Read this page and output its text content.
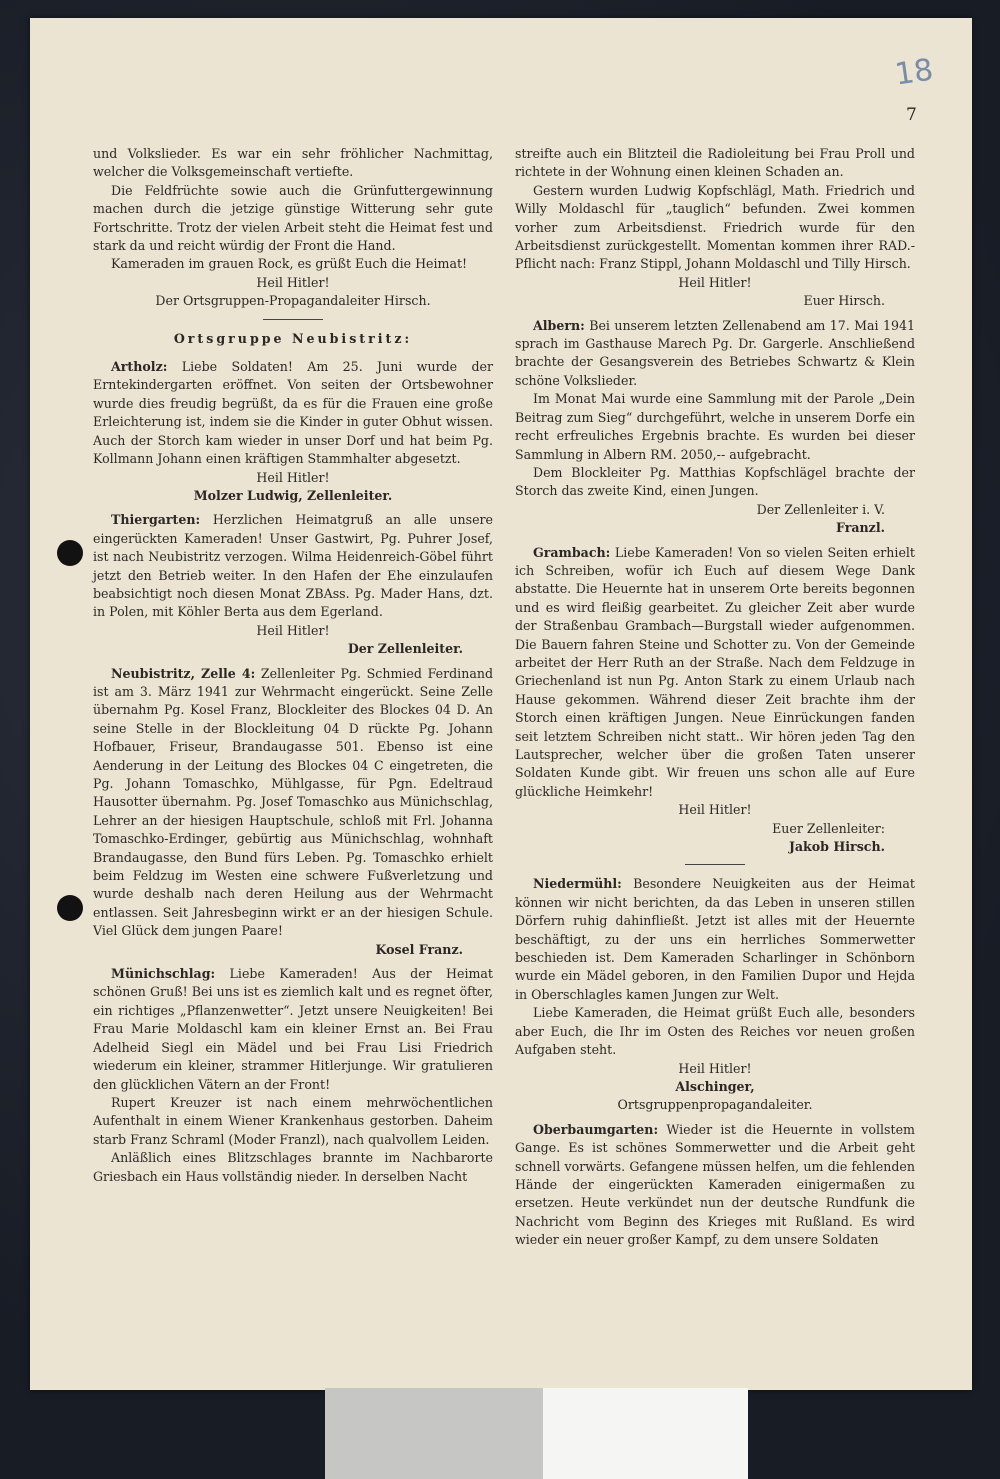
18
7

und Volkslieder. Es war ein sehr fröhlicher Nachmittag, welcher die Volksgemeinschaft vertiefte.

Die Feldfrüchte sowie auch die Grünfuttergewinnung machen durch die jetzige günstige Witterung sehr gute Fortschritte. Trotz der vielen Arbeit steht die Heimat fest und stark da und reicht würdig der Front die Hand.

Kameraden im grauen Rock, es grüßt Euch die Heimat!

Heil Hitler!

Der Ortsgruppen-Propagandaleiter Hirsch.

Ortsgruppe Neubistritz:

Artholz: Liebe Soldaten! Am 25. Juni wurde der Erntekindergarten eröffnet. Von seiten der Ortsbewohner wurde dies freudig begrüßt, da es für die Frauen eine große Erleichterung ist, indem sie die Kinder in guter Obhut wissen. Auch der Storch kam wieder in unser Dorf und hat beim Pg. Kollmann Johann einen kräftigen Stammhalter abgesetzt.

Heil Hitler!

Molzer Ludwig, Zellenleiter.

Thiergarten: Herzlichen Heimatgruß an alle unsere eingerückten Kameraden! Unser Gastwirt, Pg. Puhrer Josef, ist nach Neubistritz verzogen. Wilma Heidenreich-Göbel führt jetzt den Betrieb weiter. In den Hafen der Ehe einzulaufen beabsichtigt noch diesen Monat ZBAss. Pg. Mader Hans, dzt. in Polen, mit Köhler Berta aus dem Egerland.

Heil Hitler!

Der Zellenleiter.

Neubistritz, Zelle 4: Zellenleiter Pg. Schmied Ferdinand ist am 3. März 1941 zur Wehrmacht eingerückt. Seine Zelle übernahm Pg. Kosel Franz, Blockleiter des Blockes 04 D. An seine Stelle in der Blockleitung 04 D rückte Pg. Johann Hofbauer, Friseur, Brandaugasse 501. Ebenso ist eine Aenderung in der Leitung des Blockes 04 C eingetreten, die Pg. Johann Tomaschko, Mühlgasse, für Pgn. Edeltraud Hausotter übernahm. Pg. Josef Tomaschko aus Münichschlag, Lehrer an der hiesigen Hauptschule, schloß mit Frl. Johanna Tomaschko-Erdinger, gebürtig aus Münichschlag, wohnhaft Brandaugasse, den Bund fürs Leben. Pg. Tomaschko erhielt beim Feldzug im Westen eine schwere Fußverletzung und wurde deshalb nach deren Heilung aus der Wehrmacht entlassen. Seit Jahresbeginn wirkt er an der hiesigen Schule. Viel Glück dem jungen Paare!

Kosel Franz.

Münichschlag: Liebe Kameraden! Aus der Heimat schönen Gruß! Bei uns ist es ziemlich kalt und es regnet öfter, ein richtiges „Pflanzenwetter“. Jetzt unsere Neuigkeiten! Bei Frau Marie Moldaschl kam ein kleiner Ernst an. Bei Frau Adelheid Siegl ein Mädel und bei Frau Lisi Friedrich wiederum ein kleiner, strammer Hitlerjunge. Wir gratulieren den glücklichen Vätern an der Front!

Rupert Kreuzer ist nach einem mehrwöchentlichen Aufenthalt in einem Wiener Krankenhaus gestorben. Daheim starb Franz Schraml (Moder Franzl), nach qualvollem Leiden.

Anläßlich eines Blitzschlages brannte im Nachbarorte Griesbach ein Haus vollständig nieder. In derselben Nacht

streifte auch ein Blitzteil die Radioleitung bei Frau Proll und richtete in der Wohnung einen kleinen Schaden an.

Gestern wurden Ludwig Kopfschlägl, Math. Friedrich und Willy Moldaschl für „tauglich“ befunden. Zwei kommen vorher zum Arbeitsdienst. Friedrich wurde für den Arbeitsdienst zurückgestellt. Momentan kommen ihrer RAD.-Pflicht nach: Franz Stippl, Johann Moldaschl und Tilly Hirsch.

Heil Hitler!

Euer Hirsch.

Albern: Bei unserem letzten Zellenabend am 17. Mai 1941 sprach im Gasthause Marech Pg. Dr. Gargerle. Anschließend brachte der Gesangsverein des Betriebes Schwartz & Klein schöne Volkslieder.

Im Monat Mai wurde eine Sammlung mit der Parole „Dein Beitrag zum Sieg“ durchgeführt, welche in unserem Dorfe ein recht erfreuliches Ergebnis brachte. Es wurden bei dieser Sammlung in Albern RM. 2050,-- aufgebracht.

Dem Blockleiter Pg. Matthias Kopfschlägel brachte der Storch das zweite Kind, einen Jungen.

Der Zellenleiter i. V.

Franzl.

Grambach: Liebe Kameraden! Von so vielen Seiten erhielt ich Schreiben, wofür ich Euch auf diesem Wege Dank abstatte. Die Heuernte hat in unserem Orte bereits begonnen und es wird fleißig gearbeitet. Zu gleicher Zeit aber wurde der Straßenbau Grambach—Burgstall wieder aufgenommen. Die Bauern fahren Steine und Schotter zu. Von der Gemeinde arbeitet der Herr Ruth an der Straße. Nach dem Feldzuge in Griechenland ist nun Pg. Anton Stark zu einem Urlaub nach Hause gekommen. Während dieser Zeit brachte ihm der Storch einen kräftigen Jungen. Neue Einrückungen fanden seit letztem Schreiben nicht statt.. Wir hören jeden Tag den Lautsprecher, welcher über die großen Taten unserer Soldaten Kunde gibt. Wir freuen uns schon alle auf Eure glückliche Heimkehr!

Heil Hitler!

Euer Zellenleiter:

Jakob Hirsch.

Niedermühl: Besondere Neuigkeiten aus der Heimat können wir nicht berichten, da das Leben in unseren stillen Dörfern ruhig dahinfließt. Jetzt ist alles mit der Heuernte beschäftigt, zu der uns ein herrliches Sommerwetter beschieden ist. Dem Kameraden Scharlinger in Schönborn wurde ein Mädel geboren, in den Familien Dupor und Hejda in Oberschlagles kamen Jungen zur Welt.

Liebe Kameraden, die Heimat grüßt Euch alle, besonders aber Euch, die Ihr im Osten des Reiches vor neuen großen Aufgaben steht.

Heil Hitler!

Alschinger,

Ortsgruppenpropagandaleiter.

Oberbaumgarten: Wieder ist die Heuernte in vollstem Gange. Es ist schönes Sommerwetter und die Arbeit geht schnell vorwärts. Gefangene müssen helfen, um die fehlenden Hände der eingerückten Kameraden einigermaßen zu ersetzen. Heute verkündet nun der deutsche Rundfunk die Nachricht vom Beginn des Krieges mit Rußland. Es wird wieder ein neuer großer Kampf, zu dem unsere Soldaten
